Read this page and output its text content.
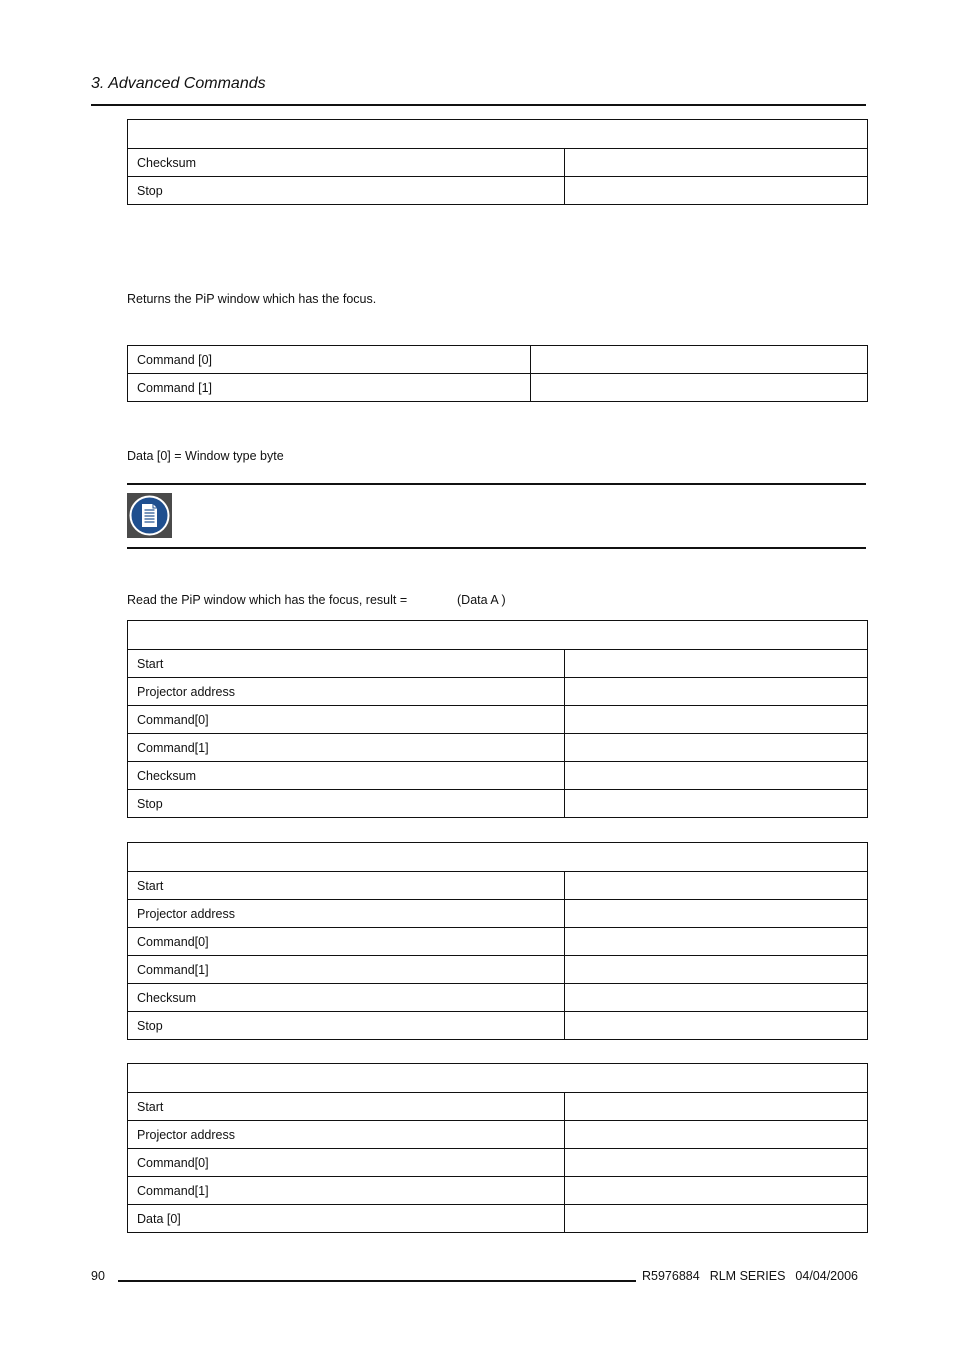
3. Advanced Commands

Checksum	
Stop	
Returns the PiP window which has the focus.
Command [0]	
Command [1]	
Data [0] = Window type byte
Read the PiP window which has the focus, result =	(Data A )

Start	
Projector address	
Command[0]	
Command[1]	
Checksum	
Stop	

Start	
Projector address	
Command[0]	
Command[1]	
Checksum	
Stop	

Start	
Projector address	
Command[0]	
Command[1]	
Data [0]	
90	R5976884 RLM SERIES 04/04/2006
